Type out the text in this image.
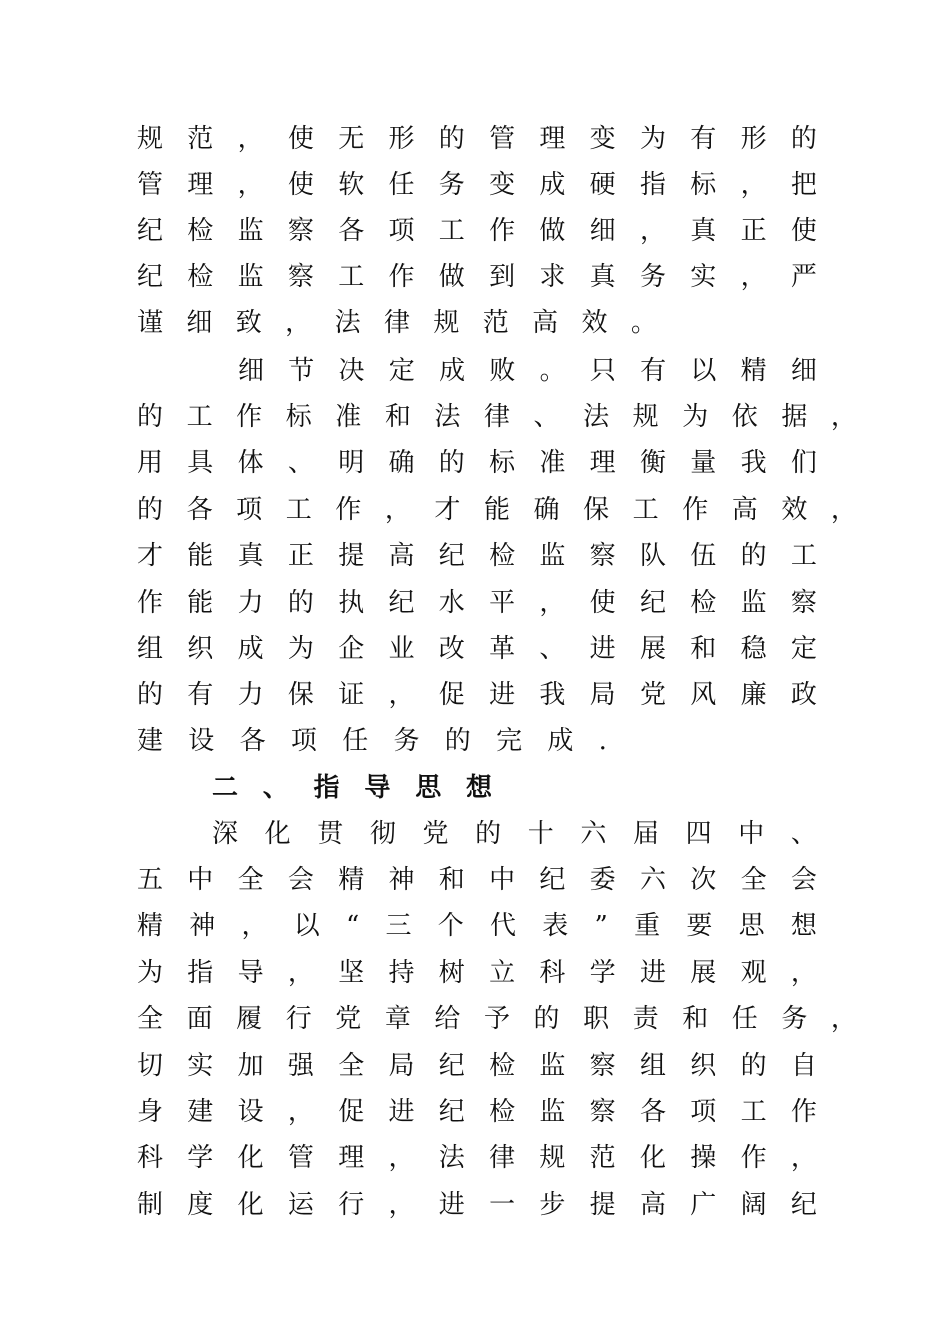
规 范 ， 使 无 形 的 管 理 变 为 有 形 的
管 理 ， 使 软 任 务 变 成 硬 指 标 ， 把
纪 检 监 察 各 项 工 作 做 细 ， 真 正 使
纪 检 监 察 工 作 做 到 求 真 务 实 ， 严
谨 细 致 ， 法 律 规 范 高 效 。
细 节 决 定 成 败 。 只 有 以 精 细
的 工 作 标 准 和 法 律 、 法 规 为 依 据 ，
用 具 体 、 明 确 的 标 准 理 衡 量 我 们
的 各 项 工 作 ， 才 能 确 保 工 作 高 效 ，
才 能 真 正 提 高 纪 检 监 察 队 伍 的 工
作 能 力 的 执 纪 水 平 ， 使 纪 检 监 察
组 织 成 为 企 业 改 革 、 进 展 和 稳 定
的 有 力 保 证 ， 促 进 我 局 党 风 廉 政
建 设 各 项 任 务 的 完 成 .
二 、 指 导 思 想
深 化 贯 彻 党 的 十 六 届 四 中 、
五 中 全 会 精 神 和 中 纪 委 六 次 全 会
精 神 ， 以 “ 三 个 代 表 ” 重 要 思 想
为 指 导 ， 坚 持 树 立 科 学 进 展 观 ，
全 面 履 行 党 章 给 予 的 职 责 和 任 务 ，
切 实 加 强 全 局 纪 检 监 察 组 织 的 自
身 建 设 ， 促 进 纪 检 监 察 各 项 工 作
科 学 化 管 理 ， 法 律 规 范 化 操 作 ，
制 度 化 运 行 ， 进 一 步 提 高 广 阔 纪
